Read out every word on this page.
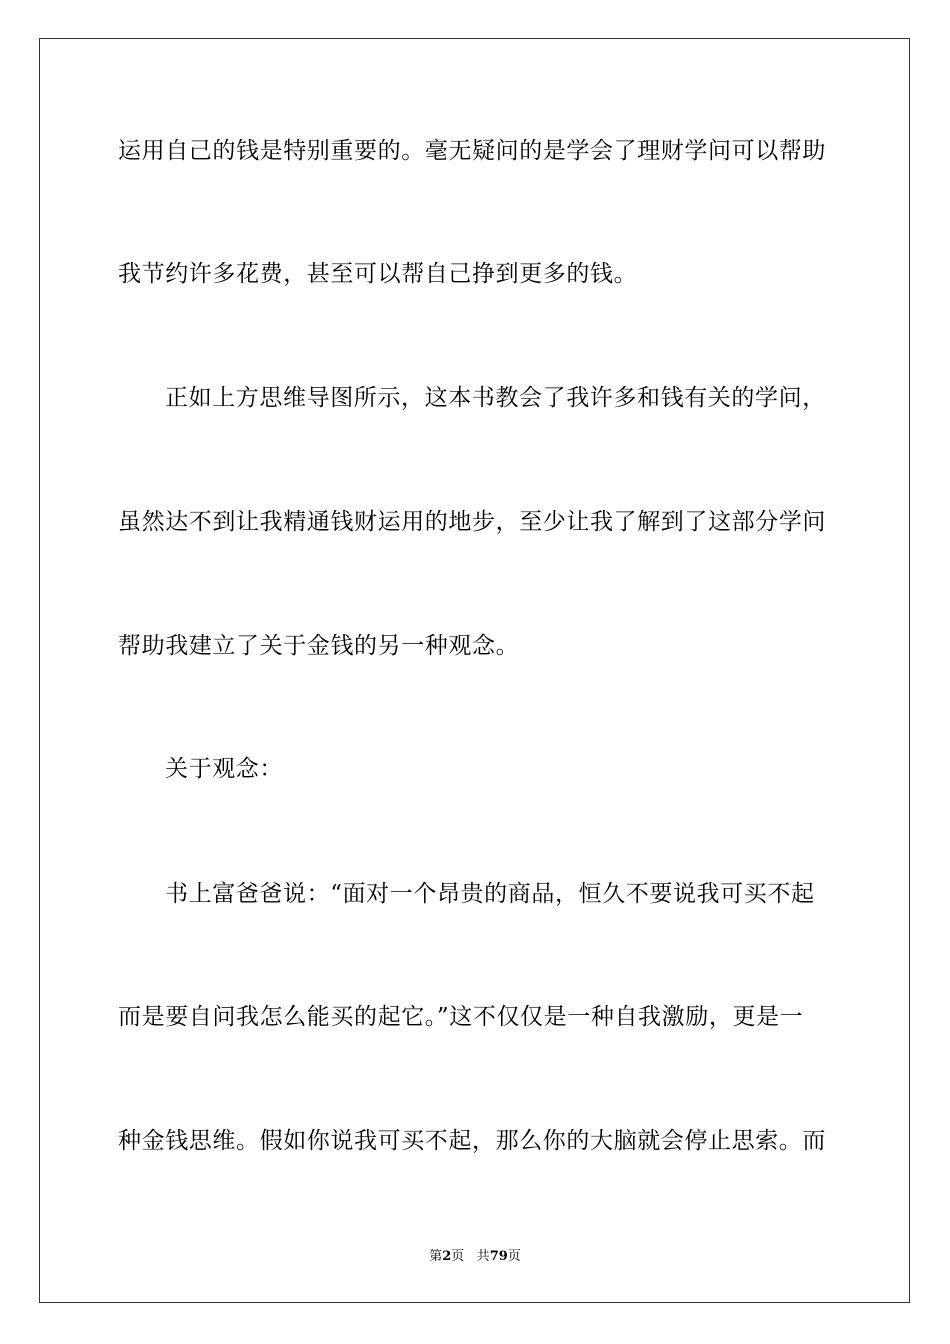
运用自己的钱是特别重要的。毫无疑问的是学会了理财学问可以帮助
我节约许多花费，甚至可以帮自己挣到更多的钱。
正如上方思维导图所示，这本书教会了我许多和钱有关的学问，
虽然达不到让我精通钱财运用的地步，至少让我了解到了这部分学问
帮助我建立了关于金钱的另一种观念。
关于观念：
书上富爸爸说：“面对一个昂贵的商品，恒久不要说我可买不起
而是要自问我怎么能买的起它。”这不仅仅是一种自我激励，更是一
种金钱思维。假如你说我可买不起，那么你的大脑就会停止思索。而
第2页 共79页
